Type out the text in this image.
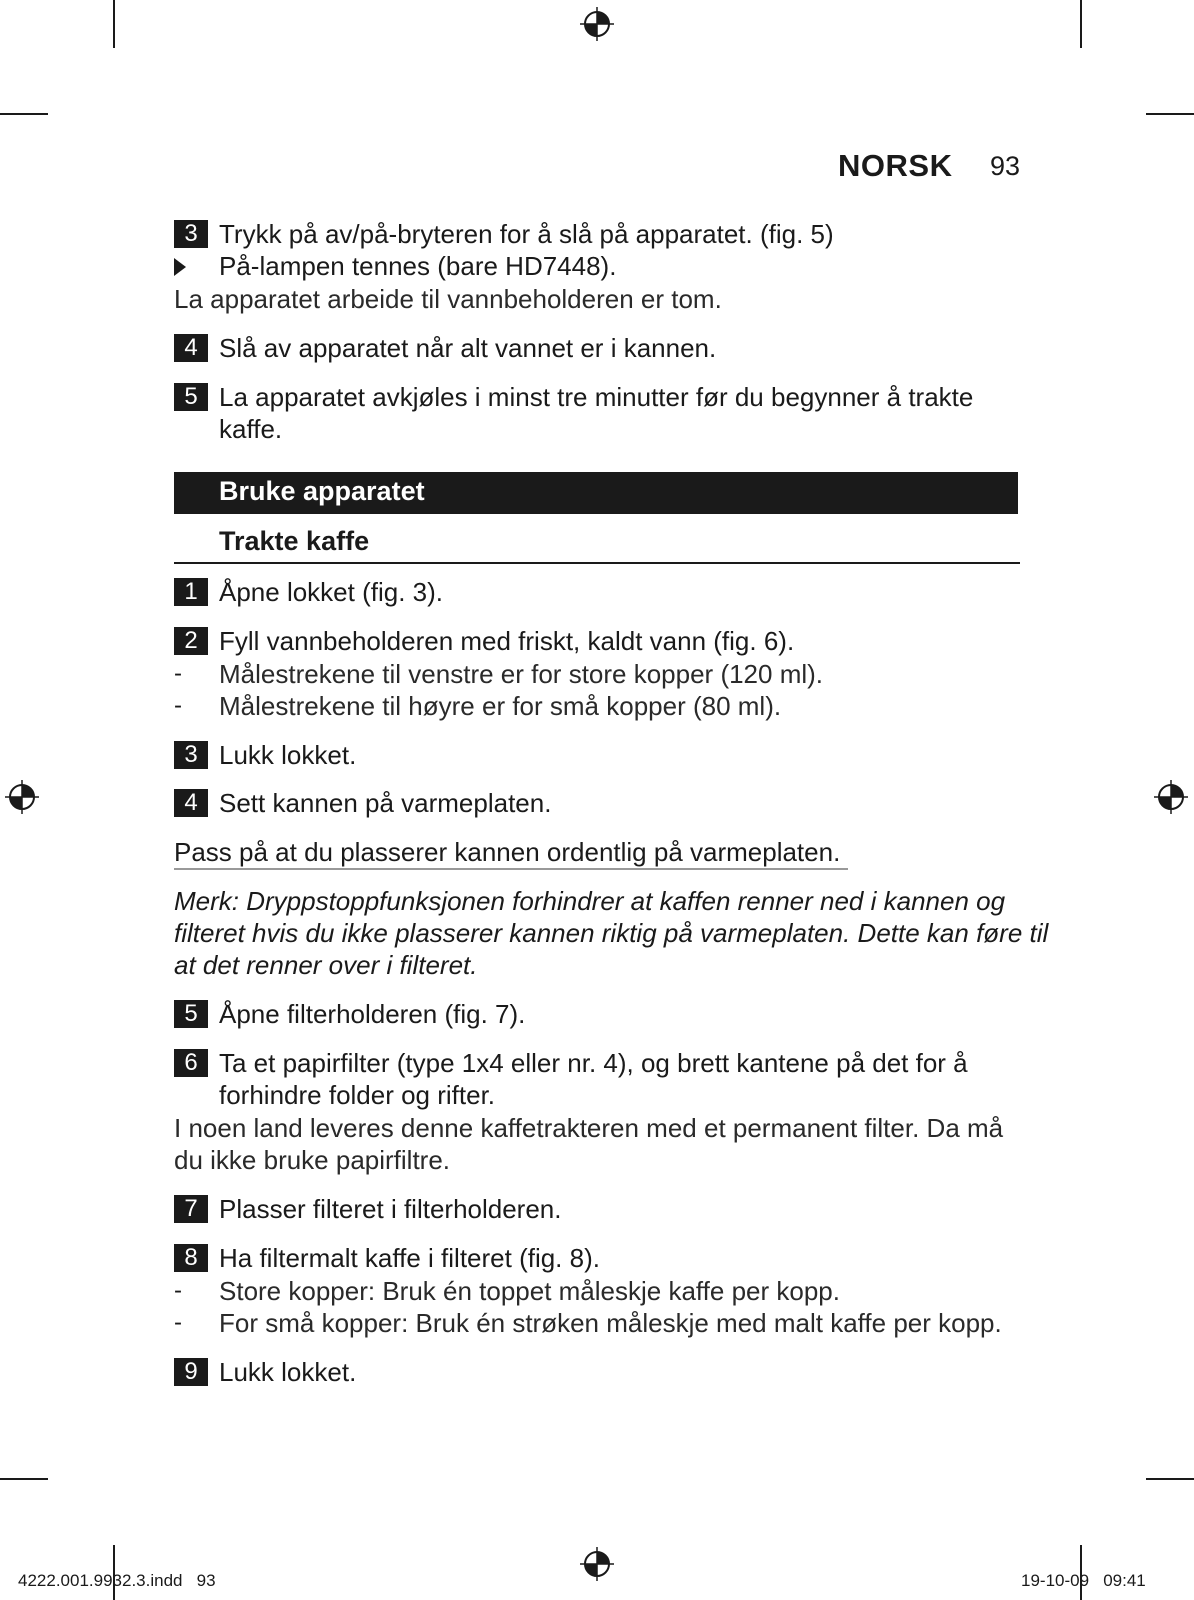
NORSK 93
3 Trykk på av/på-bryteren for å slå på apparatet. (fig. 5)
På-lampen tennes (bare HD7448).
La apparatet arbeide til vannbeholderen er tom.
4 Slå av apparatet når alt vannet er i kannen.
5 La apparatet avkjøles i minst tre minutter før du begynner å trakte
kaffe.
Bruke apparatet
Trakte kaffe
1 Åpne lokket (fig. 3).
2 Fyll vannbeholderen med friskt, kaldt vann (fig. 6).
- Målestrekene til venstre er for store kopper (120 ml).
- Målestrekene til høyre er for små kopper (80 ml).
3 Lukk lokket.
4 Sett kannen på varmeplaten.
Pass på at du plasserer kannen ordentlig på varmeplaten.
Merk: Dryppstoppfunksjonen forhindrer at kaffen renner ned i kannen og
filteret hvis du ikke plasserer kannen riktig på varmeplaten. Dette kan føre til
at det renner over i filteret.
5 Åpne filterholderen (fig. 7).
6 Ta et papirfilter (type 1x4 eller nr. 4), og brett kantene på det for å
forhindre folder og rifter.
I noen land leveres denne kaffetrakteren med et permanent filter. Da må
du ikke bruke papirfiltre.
7 Plasser filteret i filterholderen.
8 Ha filtermalt kaffe i filteret (fig. 8).
- Store kopper: Bruk én toppet måleskje kaffe per kopp.
- For små kopper: Bruk én strøken måleskje med malt kaffe per kopp.
9 Lukk lokket.
4222.001.9932.3.indd   93	19-10-09   09:41
